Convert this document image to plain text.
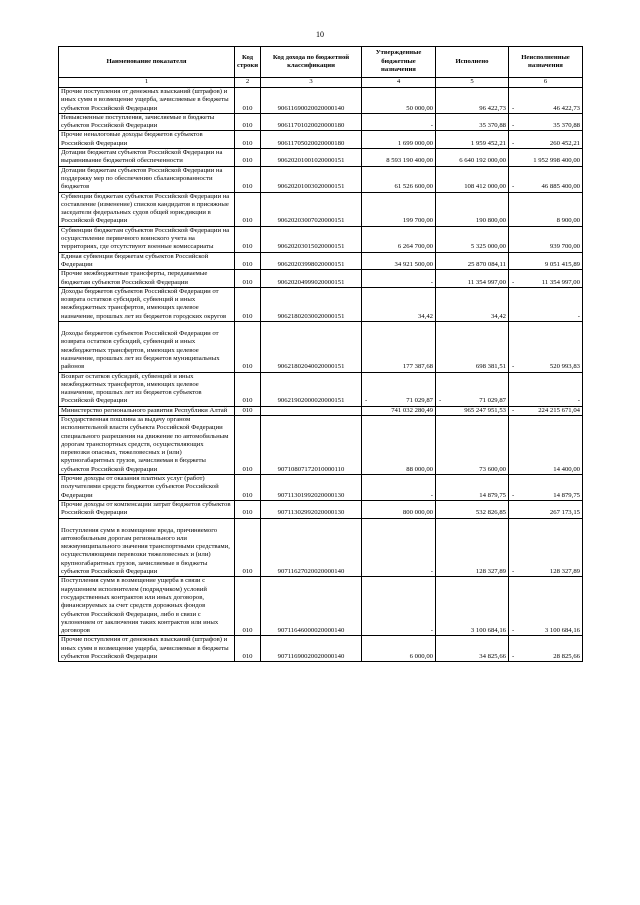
10
Наименование показателя	Код строки	Код дохода по бюджетной классификации	Утвержденные бюджетные назначения	Исполнено	Неисполненные назначения
1	2	3	4	5	6
Прочие поступления от денежных взысканий (штрафов) и иных сумм в возмещение ущерба, зачисляемые в бюджеты субъектов Российской Федерации	010	90611690020020000140	50 000,00	96 422,73	- 46 422,73

Невыясненные поступления, зачисляемые в бюджеты субъектов Российской Федерации	010	90611701020020000180	-	35 370,88	- 35 370,88

Прочие неналоговые доходы бюджетов субъектов Российской Федерации	010	90611705020020000180	1 699 000,00	1 959 452,21	- 260 452,21

Дотации бюджетам субъектов Российской Федерации на выравнивание бюджетной обеспеченности	010	90620201001020000151	8 593 190 400,00	6 640 192 000,00	1 952 998 400,00

Дотации бюджетам субъектов Российской Федерации на поддержку мер по обеспечению сбалансированности бюджетов	010	90620201003020000151	61 526 600,00	108 412 000,00	- 46 885 400,00

Субвенции бюджетам субъектов Российской Федерации на составление (изменение) списков кандидатов в присяжные заседатели федеральных судов общей юрисдикции в Российской Федерации	010	90620203007020000151	199 700,00	190 800,00	8 900,00

Субвенции бюджетам субъектов Российской Федерации на осуществление первичного воинского учета на территориях, где отсутствуют военные комиссариаты	010	90620203015020000151	6 264 700,00	5 325 000,00	939 700,00

Единая субвенция бюджетам субъектов Российской Федерации	010	90620203998020000151	34 921 500,00	25 870 084,11	9 051 415,89

Прочие межбюджетные трансферты, передаваемые бюджетам субъектов Российской Федерации	010	90620204999020000151	-	11 354 997,00	- 11 354 997,00

Доходы бюджетов субъектов Российской Федерации от возврата остатков субсидий, субвенций и иных межбюджетных трансфертов, имеющих целевое назначение, прошлых лет из бюджетов городских округов	010	90621802030020000151	34,42	34,42	-

Доходы бюджетов субъектов Российской Федерации от возврата остатков субсидий, субвенций и иных межбюджетных трансфертов, имеющих целевое назначение, прошлых лет из бюджетов муниципальных районов	010	90621802040020000151	177 387,68	698 381,51	- 520 993,83

Возврат остатков субсидий, субвенций и иных межбюджетных трансфертов, имеющих целевое назначение, прошлых лет из бюджетов субъектов Российской Федерации	010	90621902000020000151	- 71 029,87	- 71 029,87	-

Министерство регионального развития Республики Алтай	010		741 032 280,49	965 247 951,53	- 224 215 671,04

Государственная пошлина за выдачу органом исполнительной власти субъекта Российской Федерации специального разрешения на движение по автомобильным дорогам транспортных средств, осуществляющих перевозки опасных, тяжеловесных и (или) крупногабаритных грузов, зачисляемая в бюджеты субъектов Российской Федерации	010	90710807172010000110	88 000,00	73 600,00	14 400,00

Прочие доходы от оказания платных услуг (работ) получателями средств бюджетов субъектов Российской Федерации	010	90711301992020000130	-	14 879,75	- 14 879,75

Прочие доходы от компенсации затрат бюджетов субъектов Российской Федерации	010	90711302992020000130	800 000,00	532 826,85	267 173,15

Поступления сумм в возмещение вреда, причиняемого автомобильным дорогам регионального или межмуниципального значения транспортными средствами, осуществляющими перевозки тяжеловесных и (или) крупногабаритных грузов, зачисляемые в бюджеты субъектов Российской Федерации	010	90711627020020000140	-	128 327,89	- 128 327,89

Поступления сумм в возмещение ущерба в связи с нарушением исполнителем (подрядчиком) условий государственных контрактов или иных договоров, финансируемых за счет средств дорожных фондов субъектов Российской Федерации, либо в связи с уклонением от заключения таких контрактов или иных договоров	010	90711646000020000140	-	3 100 684,16	- 3 100 684,16

Прочие поступления от денежных взысканий (штрафов) и иных сумм в возмещение ущерба, зачисляемые в бюджеты субъектов Российской Федерации	010	90711690020020000140	6 000,00	34 825,66	- 28 825,66
